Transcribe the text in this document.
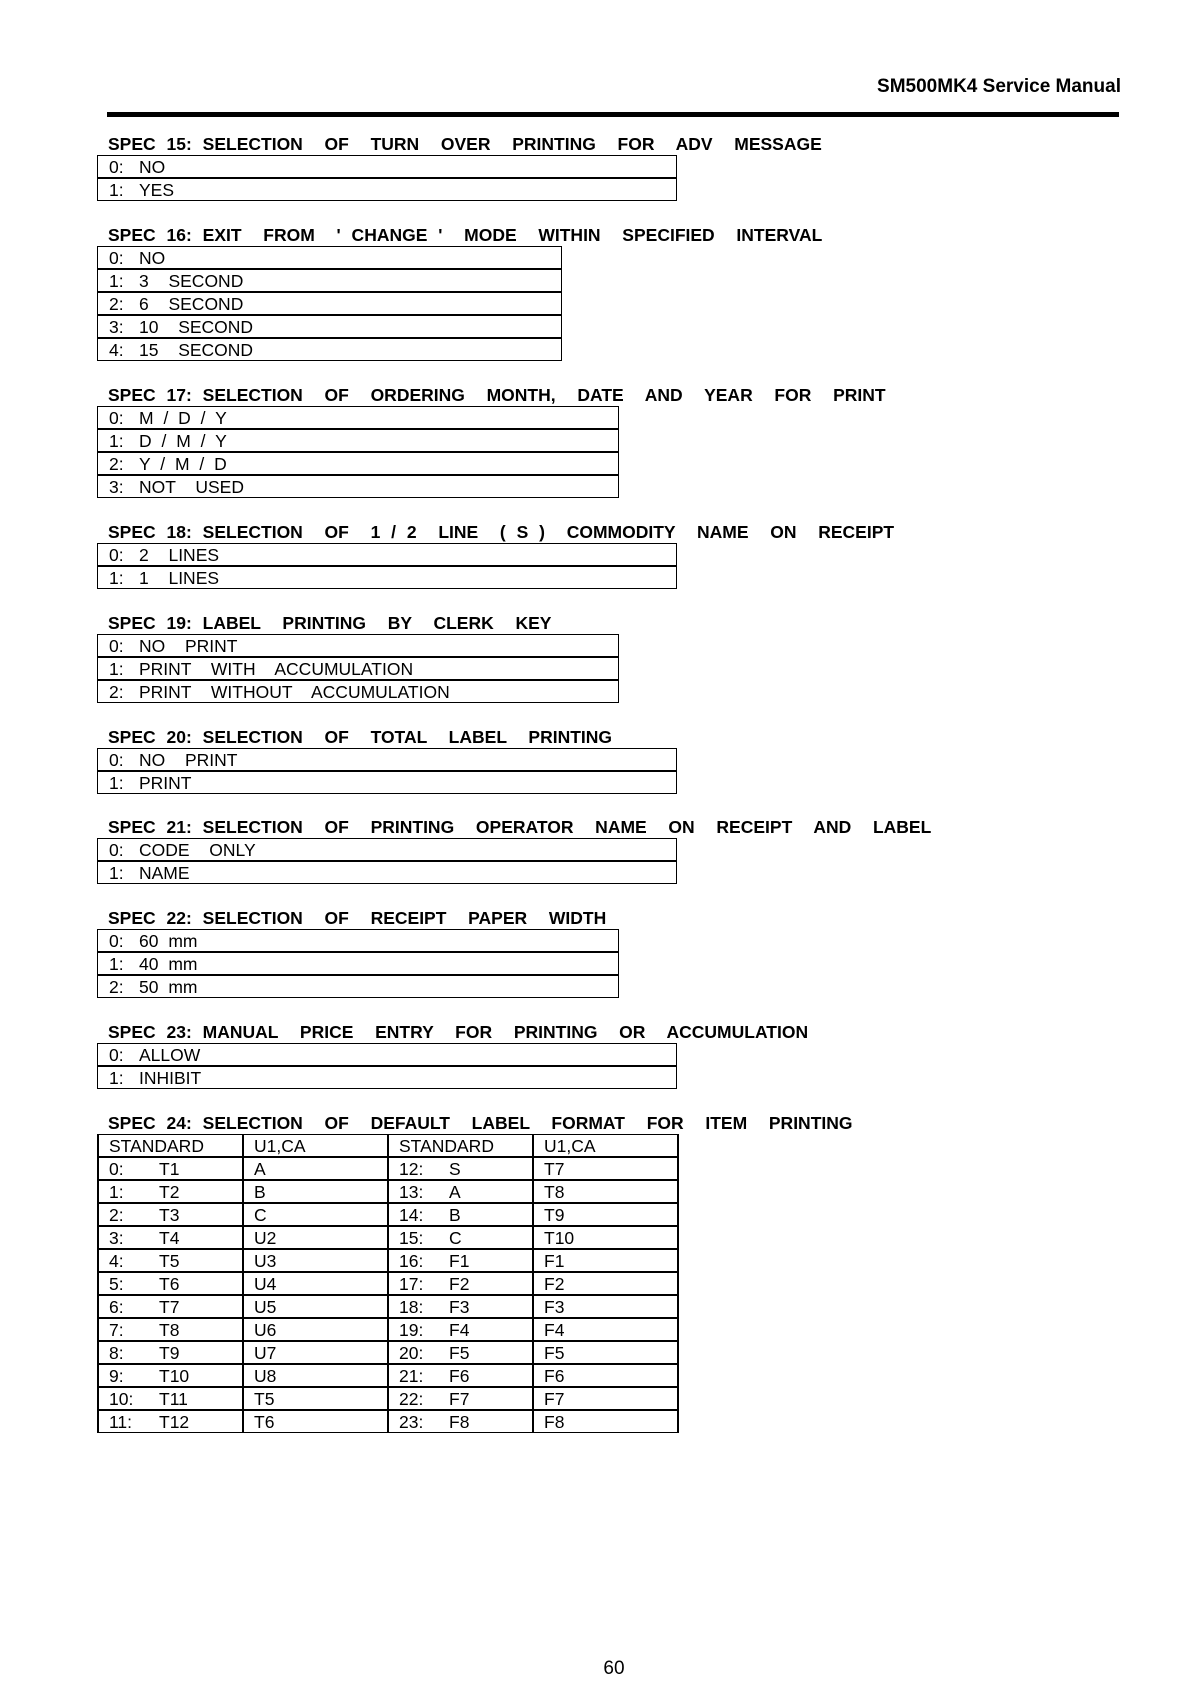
SM500MK4 Service Manual
SPEC 15: SELECTION  OF  TURN  OVER  PRINTING  FOR  ADV  MESSAGE
0: NO
1: YES
SPEC 16: EXIT  FROM  ' CHANGE '  MODE  WITHIN  SPECIFIED  INTERVAL
0: NO
1: 3  SECOND
2: 6  SECOND
3: 10  SECOND
4: 15  SECOND
SPEC 17: SELECTION  OF  ORDERING  MONTH,  DATE  AND  YEAR  FOR  PRINT
0: M / D / Y
1: D / M / Y
2: Y / M / D
3: NOT  USED
SPEC 18: SELECTION  OF  1 / 2  LINE  ( S )  COMMODITY  NAME  ON  RECEIPT
0: 2  LINES
1: 1  LINES
SPEC 19: LABEL  PRINTING  BY  CLERK  KEY
0: NO  PRINT
1: PRINT  WITH  ACCUMULATION
2: PRINT  WITHOUT  ACCUMULATION
SPEC 20: SELECTION  OF  TOTAL  LABEL  PRINTING
0: NO  PRINT
1: PRINT
SPEC 21: SELECTION  OF  PRINTING  OPERATOR  NAME  ON  RECEIPT  AND  LABEL
0: CODE  ONLY
1: NAME
SPEC 22: SELECTION  OF  RECEIPT  PAPER  WIDTH
0: 60 mm
1: 40 mm
2: 50 mm
SPEC 23: MANUAL  PRICE  ENTRY  FOR  PRINTING  OR  ACCUMULATION
0: ALLOW
1: INHIBIT
SPEC 24: SELECTION  OF  DEFAULT  LABEL  FORMAT  FOR  ITEM  PRINTING
STANDARD	U1,CA	STANDARD	U1,CA
0: T1	A	12: S	T7
1: T2	B	13: A	T8
2: T3	C	14: B	T9
3: T4	U2	15: C	T10
4: T5	U3	16: F1	F1
5: T6	U4	17: F2	F2
6: T7	U5	18: F3	F3
7: T8	U6	19: F4	F4
8: T9	U7	20: F5	F5
9: T10	U8	21: F6	F6
10: T11	T5	22: F7	F7
11: T12	T6	23: F8	F8
60
